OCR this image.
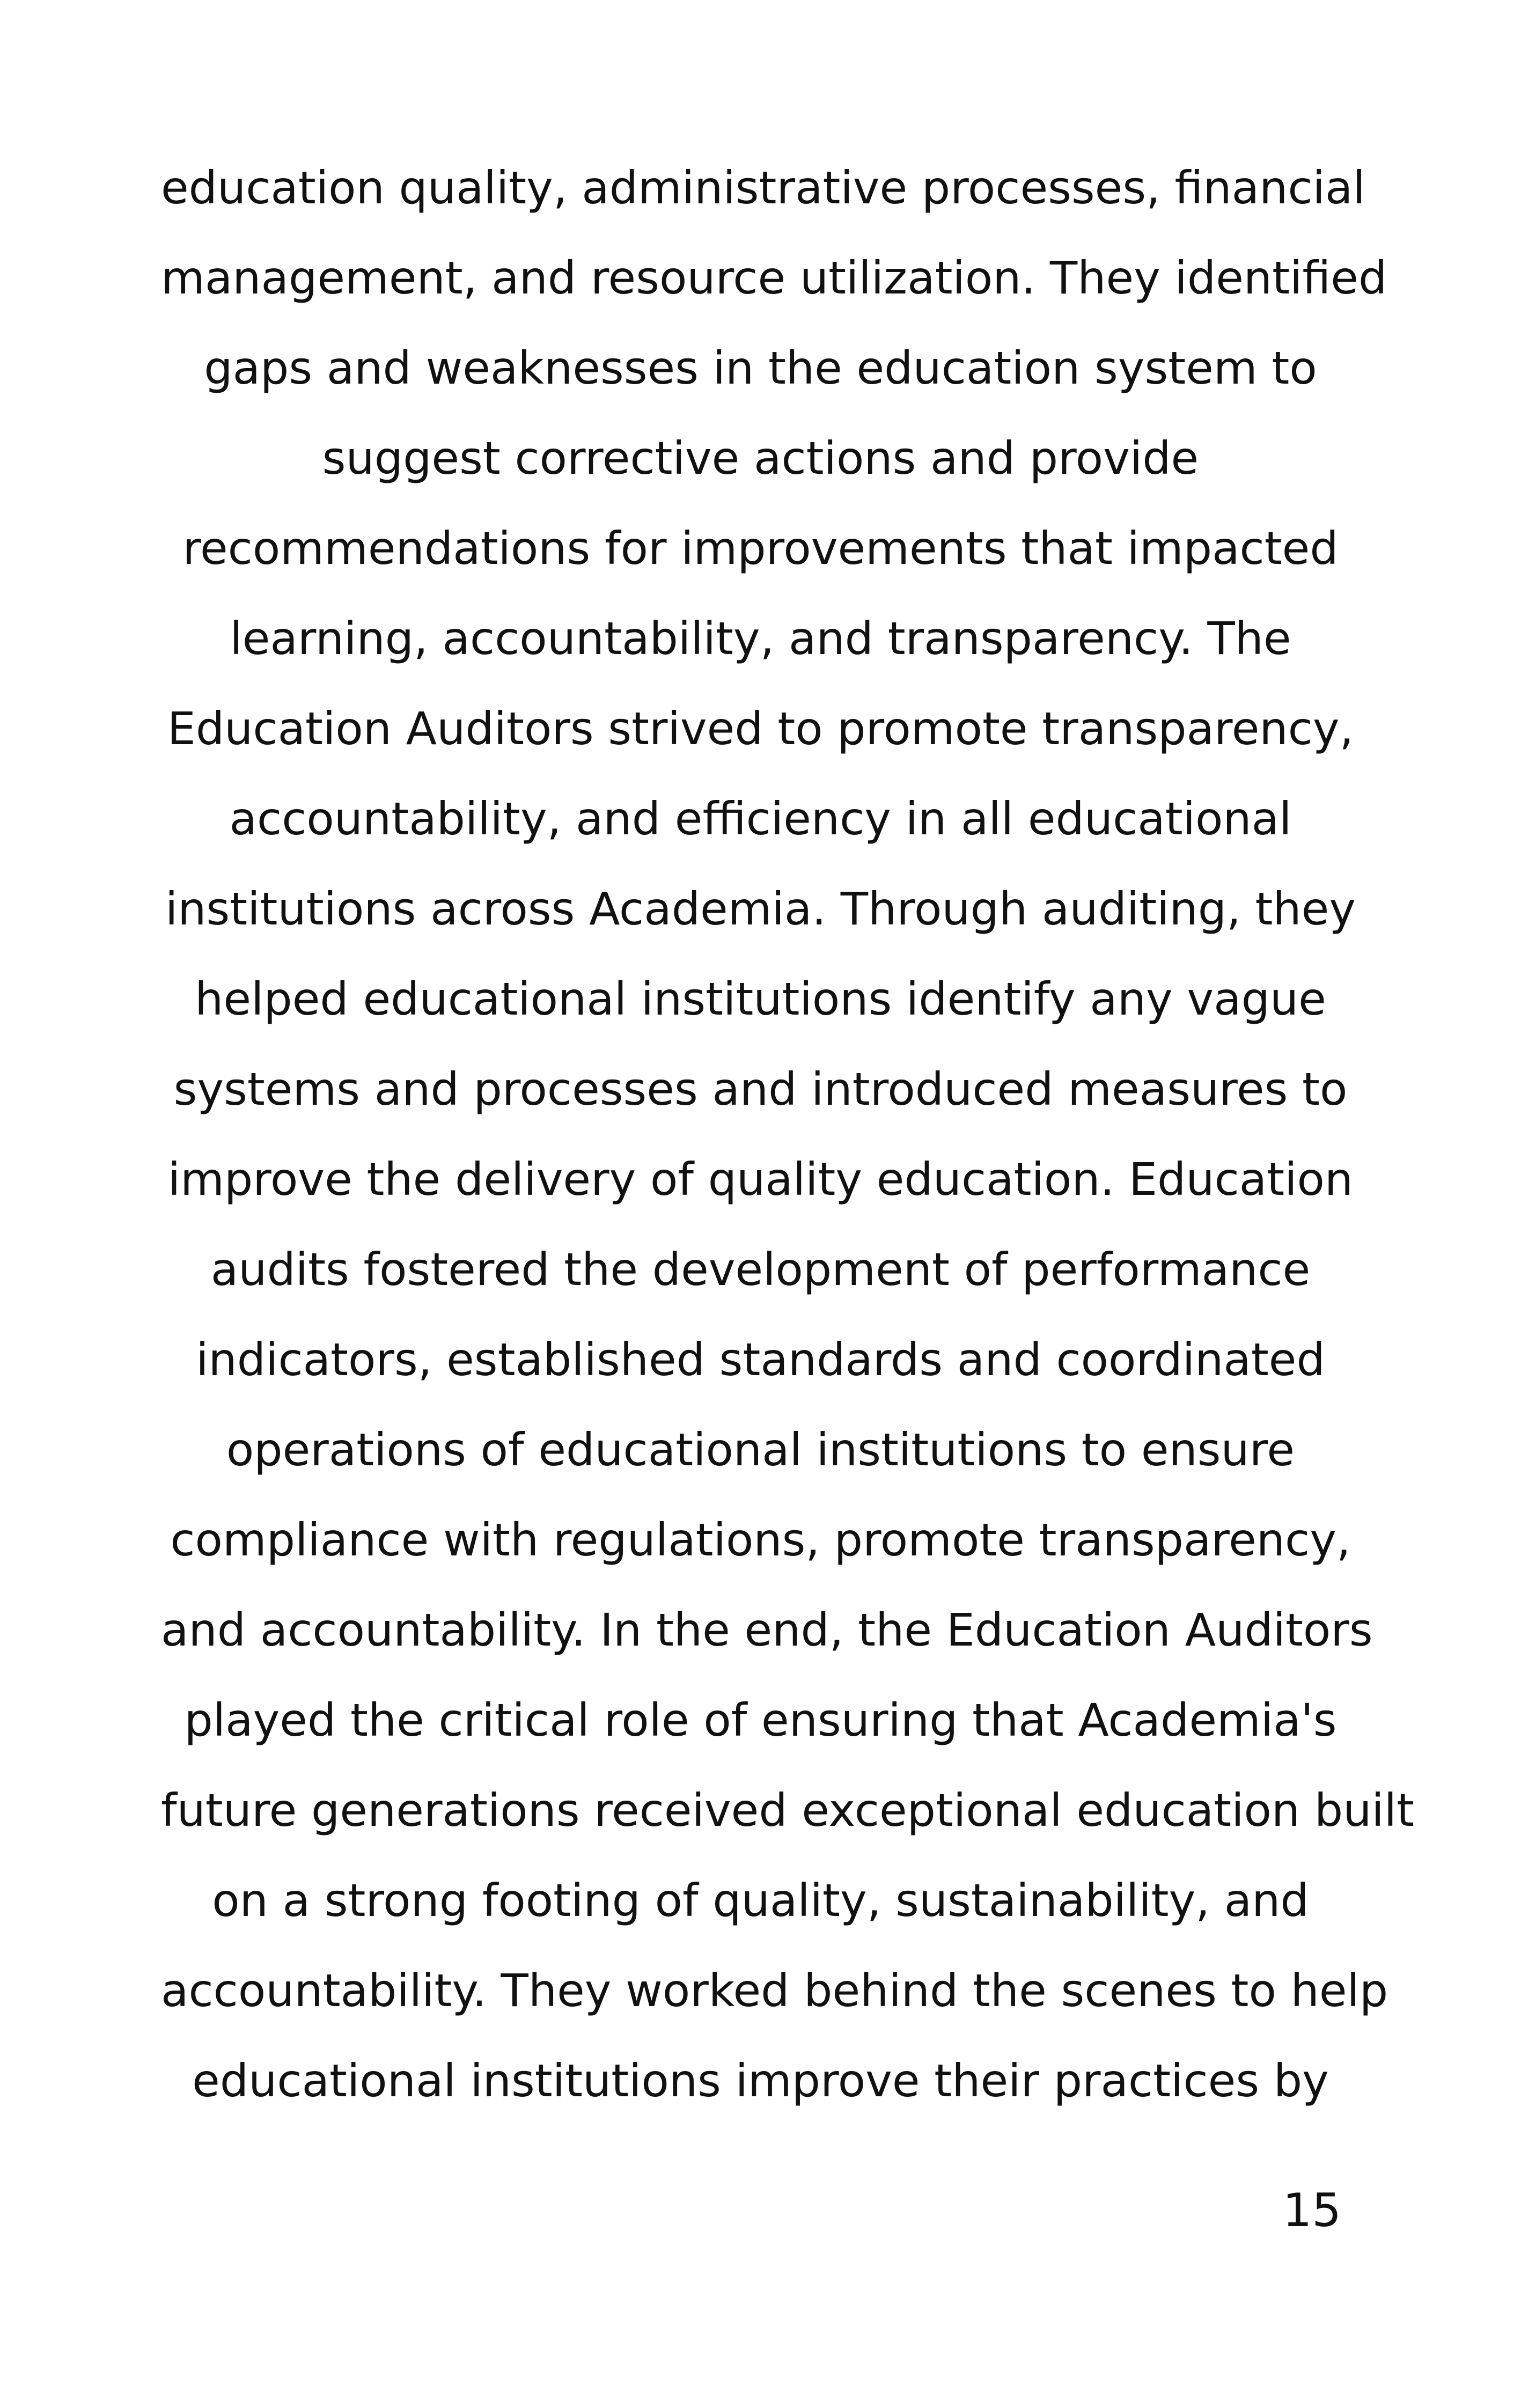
education quality, administrative processes, financial
management, and resource utilization. They identified
gaps and weaknesses in the education system to
suggest corrective actions and provide
recommendations for improvements that impacted
learning, accountability, and transparency. The
Education Auditors strived to promote transparency,
accountability, and efficiency in all educational
institutions across Academia. Through auditing, they
helped educational institutions identify any vague
systems and processes and introduced measures to
improve the delivery of quality education. Education
audits fostered the development of performance
indicators, established standards and coordinated
operations of educational institutions to ensure
compliance with regulations, promote transparency,
and accountability. In the end, the Education Auditors
played the critical role of ensuring that Academia's
future generations received exceptional education built
on a strong footing of quality, sustainability, and
accountability. They worked behind the scenes to help
educational institutions improve their practices by
15
